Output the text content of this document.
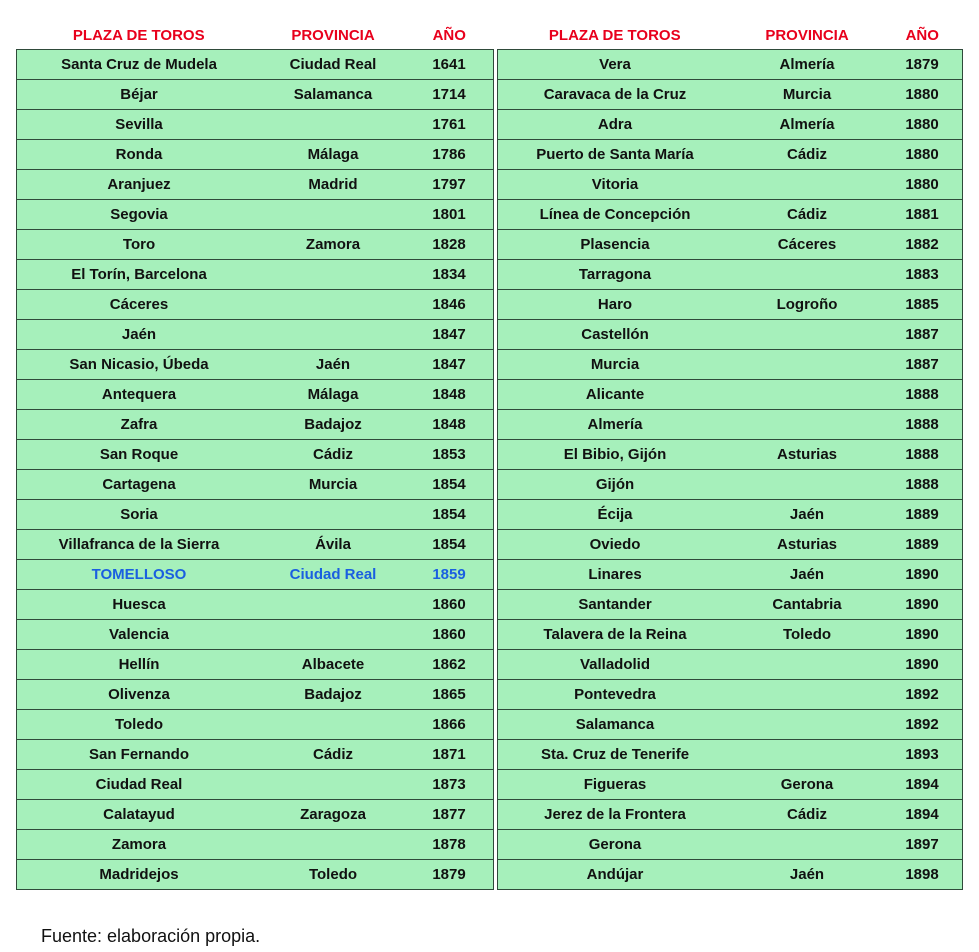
PLAZA DE TOROS	PROVINCIA	AÑO
Santa Cruz de Mudela	Ciudad Real	1641
Béjar	Salamanca	1714
Sevilla		1761
Ronda	Málaga	1786
Aranjuez	Madrid	1797
Segovia		1801
Toro	Zamora	1828
El Torín, Barcelona		1834
Cáceres		1846
Jaén		1847
San Nicasio, Úbeda	Jaén	1847
Antequera	Málaga	1848
Zafra	Badajoz	1848
San Roque	Cádiz	1853
Cartagena	Murcia	1854
Soria		1854
Villafranca de la Sierra	Ávila	1854
TOMELLOSO	Ciudad Real	1859
Huesca		1860
Valencia		1860
Hellín	Albacete	1862
Olivenza	Badajoz	1865
Toledo		1866
San Fernando	Cádiz	1871
Ciudad Real		1873
Calatayud	Zaragoza	1877
Zamora		1878
Madridejos	Toledo	1879
PLAZA DE TOROS	PROVINCIA	AÑO
Vera	Almería	1879
Caravaca de la Cruz	Murcia	1880
Adra	Almería	1880
Puerto de Santa María	Cádiz	1880
Vitoria		1880
Línea de Concepción	Cádiz	1881
Plasencia	Cáceres	1882
Tarragona		1883
Haro	Logroño	1885
Castellón		1887
Murcia		1887
Alicante		1888
Almería		1888
El Bibio, Gijón	Asturias	1888
Gijón		1888
Écija	Jaén	1889
Oviedo	Asturias	1889
Linares	Jaén	1890
Santander	Cantabria	1890
Talavera de la Reina	Toledo	1890
Valladolid		1890
Pontevedra		1892
Salamanca		1892
Sta. Cruz de Tenerife		1893
Figueras	Gerona	1894
Jerez de la Frontera	Cádiz	1894
Gerona		1897
Andújar	Jaén	1898
Fuente: elaboración propia.
